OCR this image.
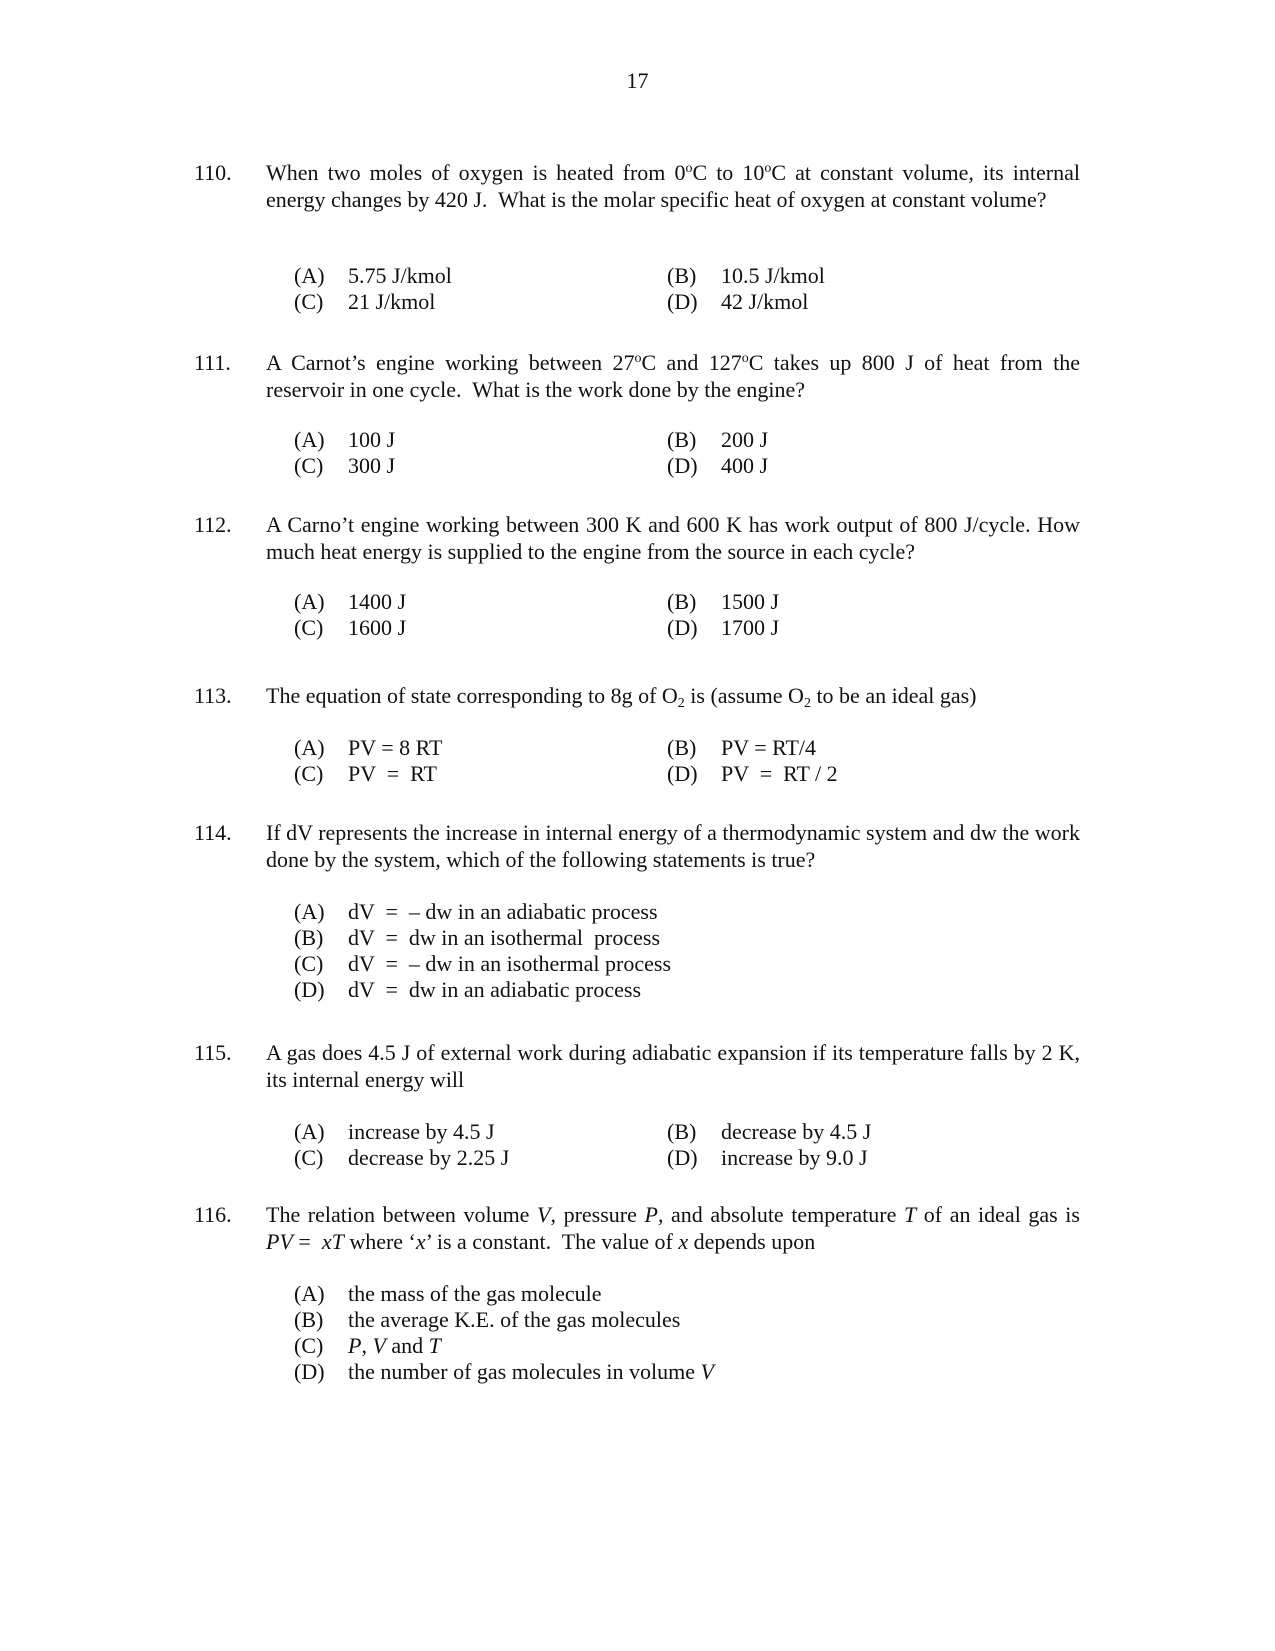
17
110. When two moles of oxygen is heated from 0$^o$C to 10$^o$C at constant volume, its internal energy changes by 420 J.  What is the molar specific heat of oxygen at constant volume?
(A) 5.75 J/kmol	(B) 10.5 J/kmol
(C) 21 J/kmol	(D) 42 J/kmol
111. A Carnot’s engine working between 27$^o$C and 127$^o$C takes up 800 J of heat from the reservoir in one cycle.  What is the work done by the engine?
(A) 100 J	(B) 200 J
(C) 300 J	(D) 400 J
112. A Carno’t engine working between 300 K and 600 K has work output of 800 J/cycle. How much heat energy is supplied to the engine from the source in each cycle?
(A) 1400 J	(B) 1500 J
(C) 1600 J	(D) 1700 J
113. The equation of state corresponding to 8g of $O_2$ is (assume $O_2$ to be an ideal gas)
(A) PV = 8 RT	(B) PV = RT/4
(C) PV  =  RT	(D) PV  =  RT / 2
114. If dV represents the increase in internal energy of a thermodynamic system and dw the work done by the system, which of the following statements is true?
(A) dV  =  – dw in an adiabatic process
(B) dV  =  dw in an isothermal  process
(C) dV  =  – dw in an isothermal process
(D) dV  =  dw in an adiabatic process
115. A gas does 4.5 J of external work during adiabatic expansion if its temperature falls by 2 K, its internal energy will
(A) increase by 4.5 J	(B) decrease by 4.5 J
(C) decrease by 2.25 J	(D) increase by 9.0 J
116. The relation between volume V, pressure P, and absolute temperature T of an ideal gas is PV =  xT where ‘x’ is a constant.  The value of x depends upon
(A) the mass of the gas molecule
(B) the average K.E. of the gas molecules
(C) P, V and T
(D) the number of gas molecules in volume V
